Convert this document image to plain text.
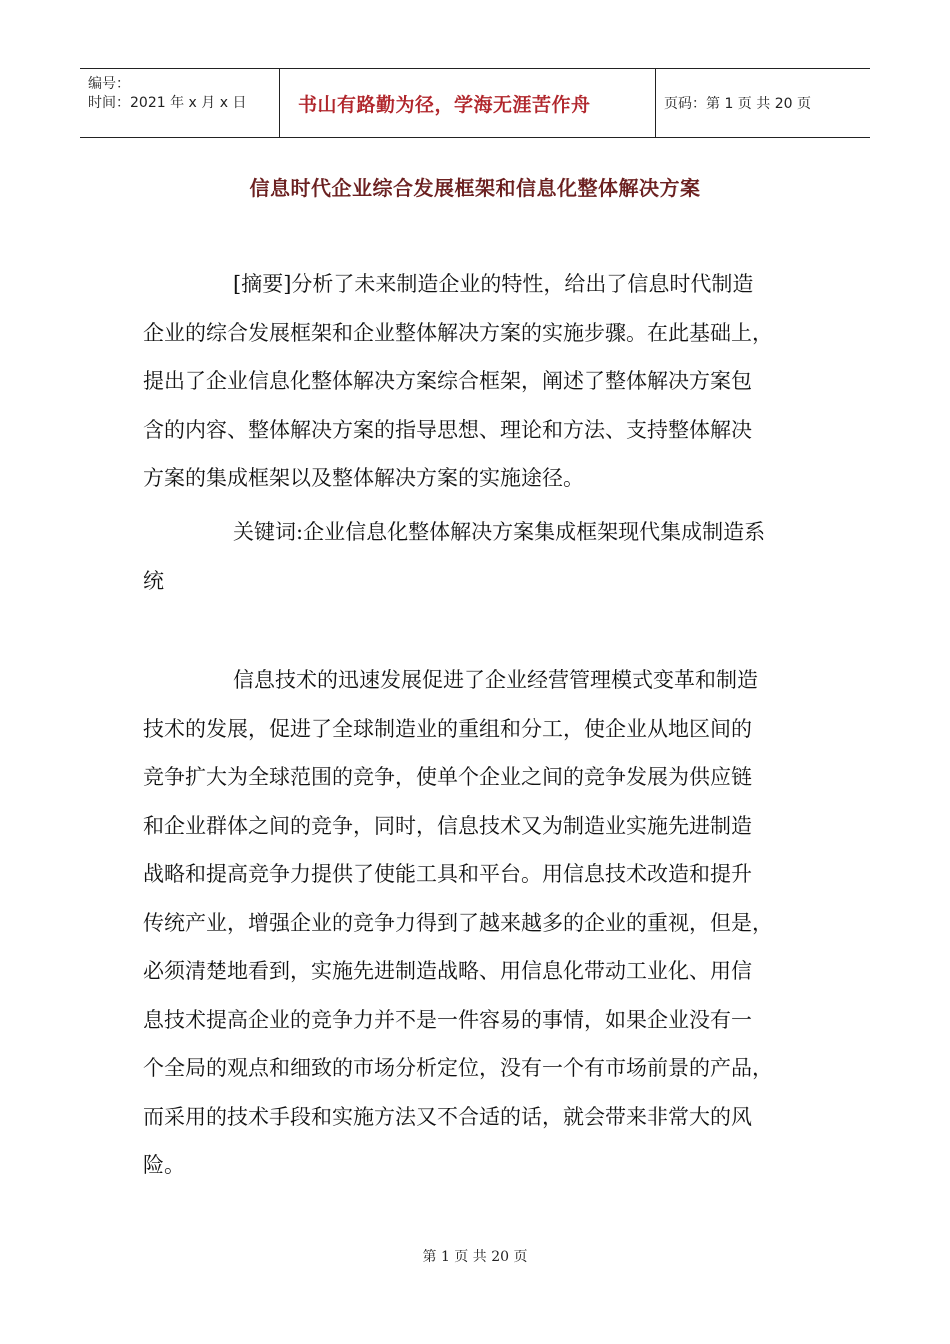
编号：
时间：2021 年 x 月 x 日	书山有路勤为径，学海无涯苦作舟	页码：第 1 页 共 20 页
信息时代企业综合发展框架和信息化整体解决方案
[摘要]分析了未来制造企业的特性，给出了信息时代制造
企业的综合发展框架和企业整体解决方案的实施步骤。在此基础上，
提出了企业信息化整体解决方案综合框架，阐述了整体解决方案包
含的内容、整体解决方案的指导思想、理论和方法、支持整体解决
方案的集成框架以及整体解决方案的实施途径。
关键词:企业信息化整体解决方案集成框架现代集成制造系
统
信息技术的迅速发展促进了企业经营管理模式变革和制造
技术的发展，促进了全球制造业的重组和分工，使企业从地区间的
竞争扩大为全球范围的竞争，使单个企业之间的竞争发展为供应链
和企业群体之间的竞争，同时，信息技术又为制造业实施先进制造
战略和提高竞争力提供了使能工具和平台。用信息技术改造和提升
传统产业，增强企业的竞争力得到了越来越多的企业的重视，但是，
必须清楚地看到，实施先进制造战略、用信息化带动工业化、用信
息技术提高企业的竞争力并不是一件容易的事情，如果企业没有一
个全局的观点和细致的市场分析定位，没有一个有市场前景的产品，
而采用的技术手段和实施方法又不合适的话，就会带来非常大的风
险。
第 1 页 共 20 页
